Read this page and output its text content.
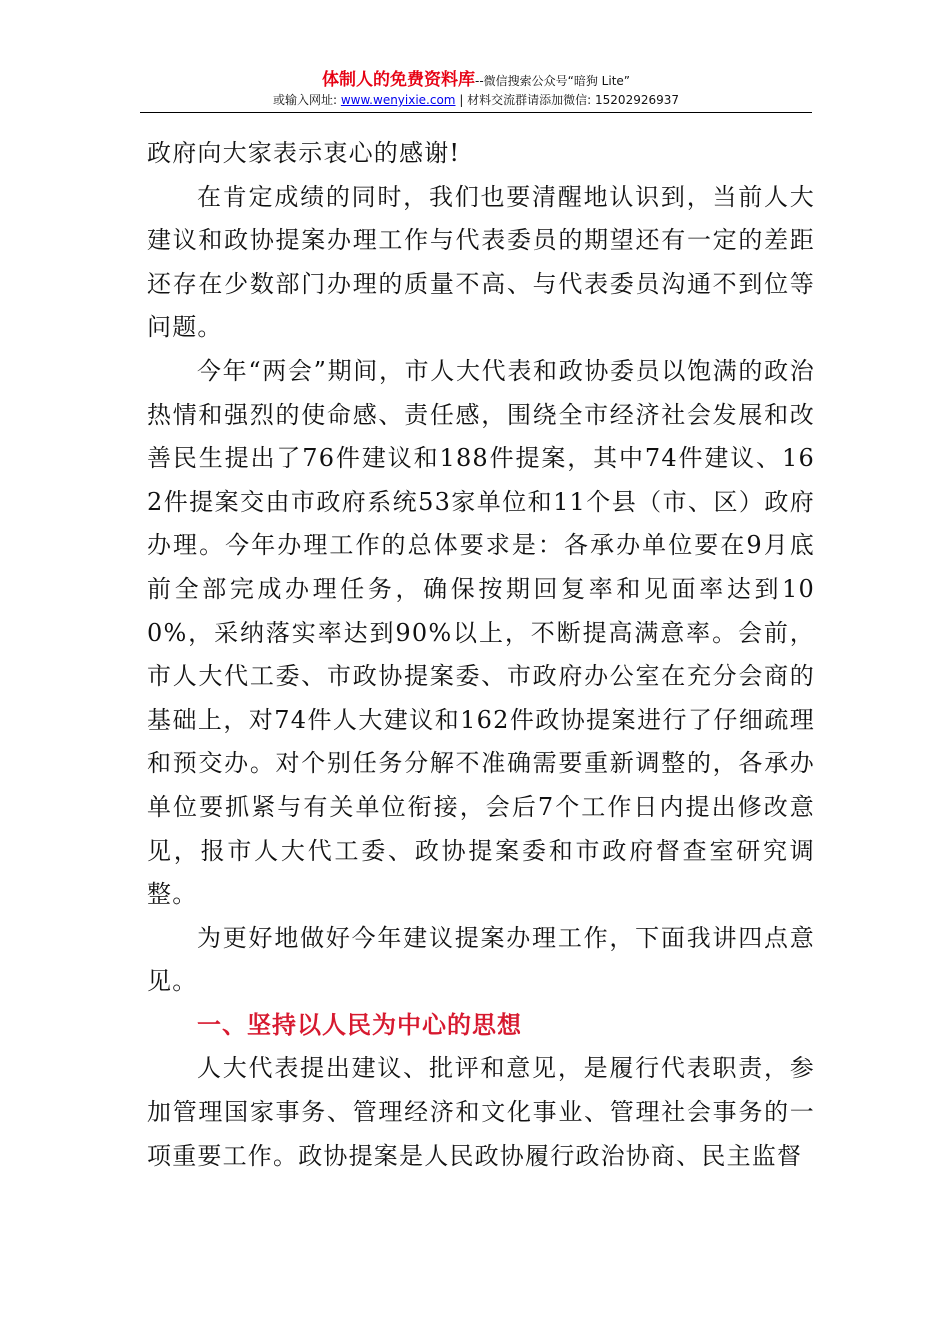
体制人的免费资料库--微信搜索公众号“暗狗 Lite”

或输入网址: www.wenyixie.com | 材料交流群请添加微信: 15202926937

政府向大家表示衷心的感谢!

在肯定成绩的同时，我们也要清醒地认识到，当前人大建议和政协提案办理工作与代表委员的期望还有一定的差距还存在少数部门办理的质量不高、与代表委员沟通不到位等问题。

今年“两会”期间，市人大代表和政协委员以饱满的政治热情和强烈的使命感、责任感，围绕全市经济社会发展和改善民生提出了76件建议和188件提案，其中74件建议、162件提案交由市政府系统53家单位和11个县（市、区）政府办理。今年办理工作的总体要求是：各承办单位要在9月底前全部完成办理任务，确保按期回复率和见面率达到100%，采纳落实率达到90%以上，不断提高满意率。会前，市人大代工委、市政协提案委、市政府办公室在充分会商的基础上，对74件人大建议和162件政协提案进行了仔细疏理和预交办。对个别任务分解不准确需要重新调整的，各承办单位要抓紧与有关单位衔接，会后7个工作日内提出修改意见，报市人大代工委、政协提案委和市政府督查室研究调整。

为更好地做好今年建议提案办理工作，下面我讲四点意见。

一、坚持以人民为中心的思想

人大代表提出建议、批评和意见，是履行代表职责，参加管理国家事务、管理经济和文化事业、管理社会事务的一项重要工作。政协提案是人民政协履行政治协商、民主监督
